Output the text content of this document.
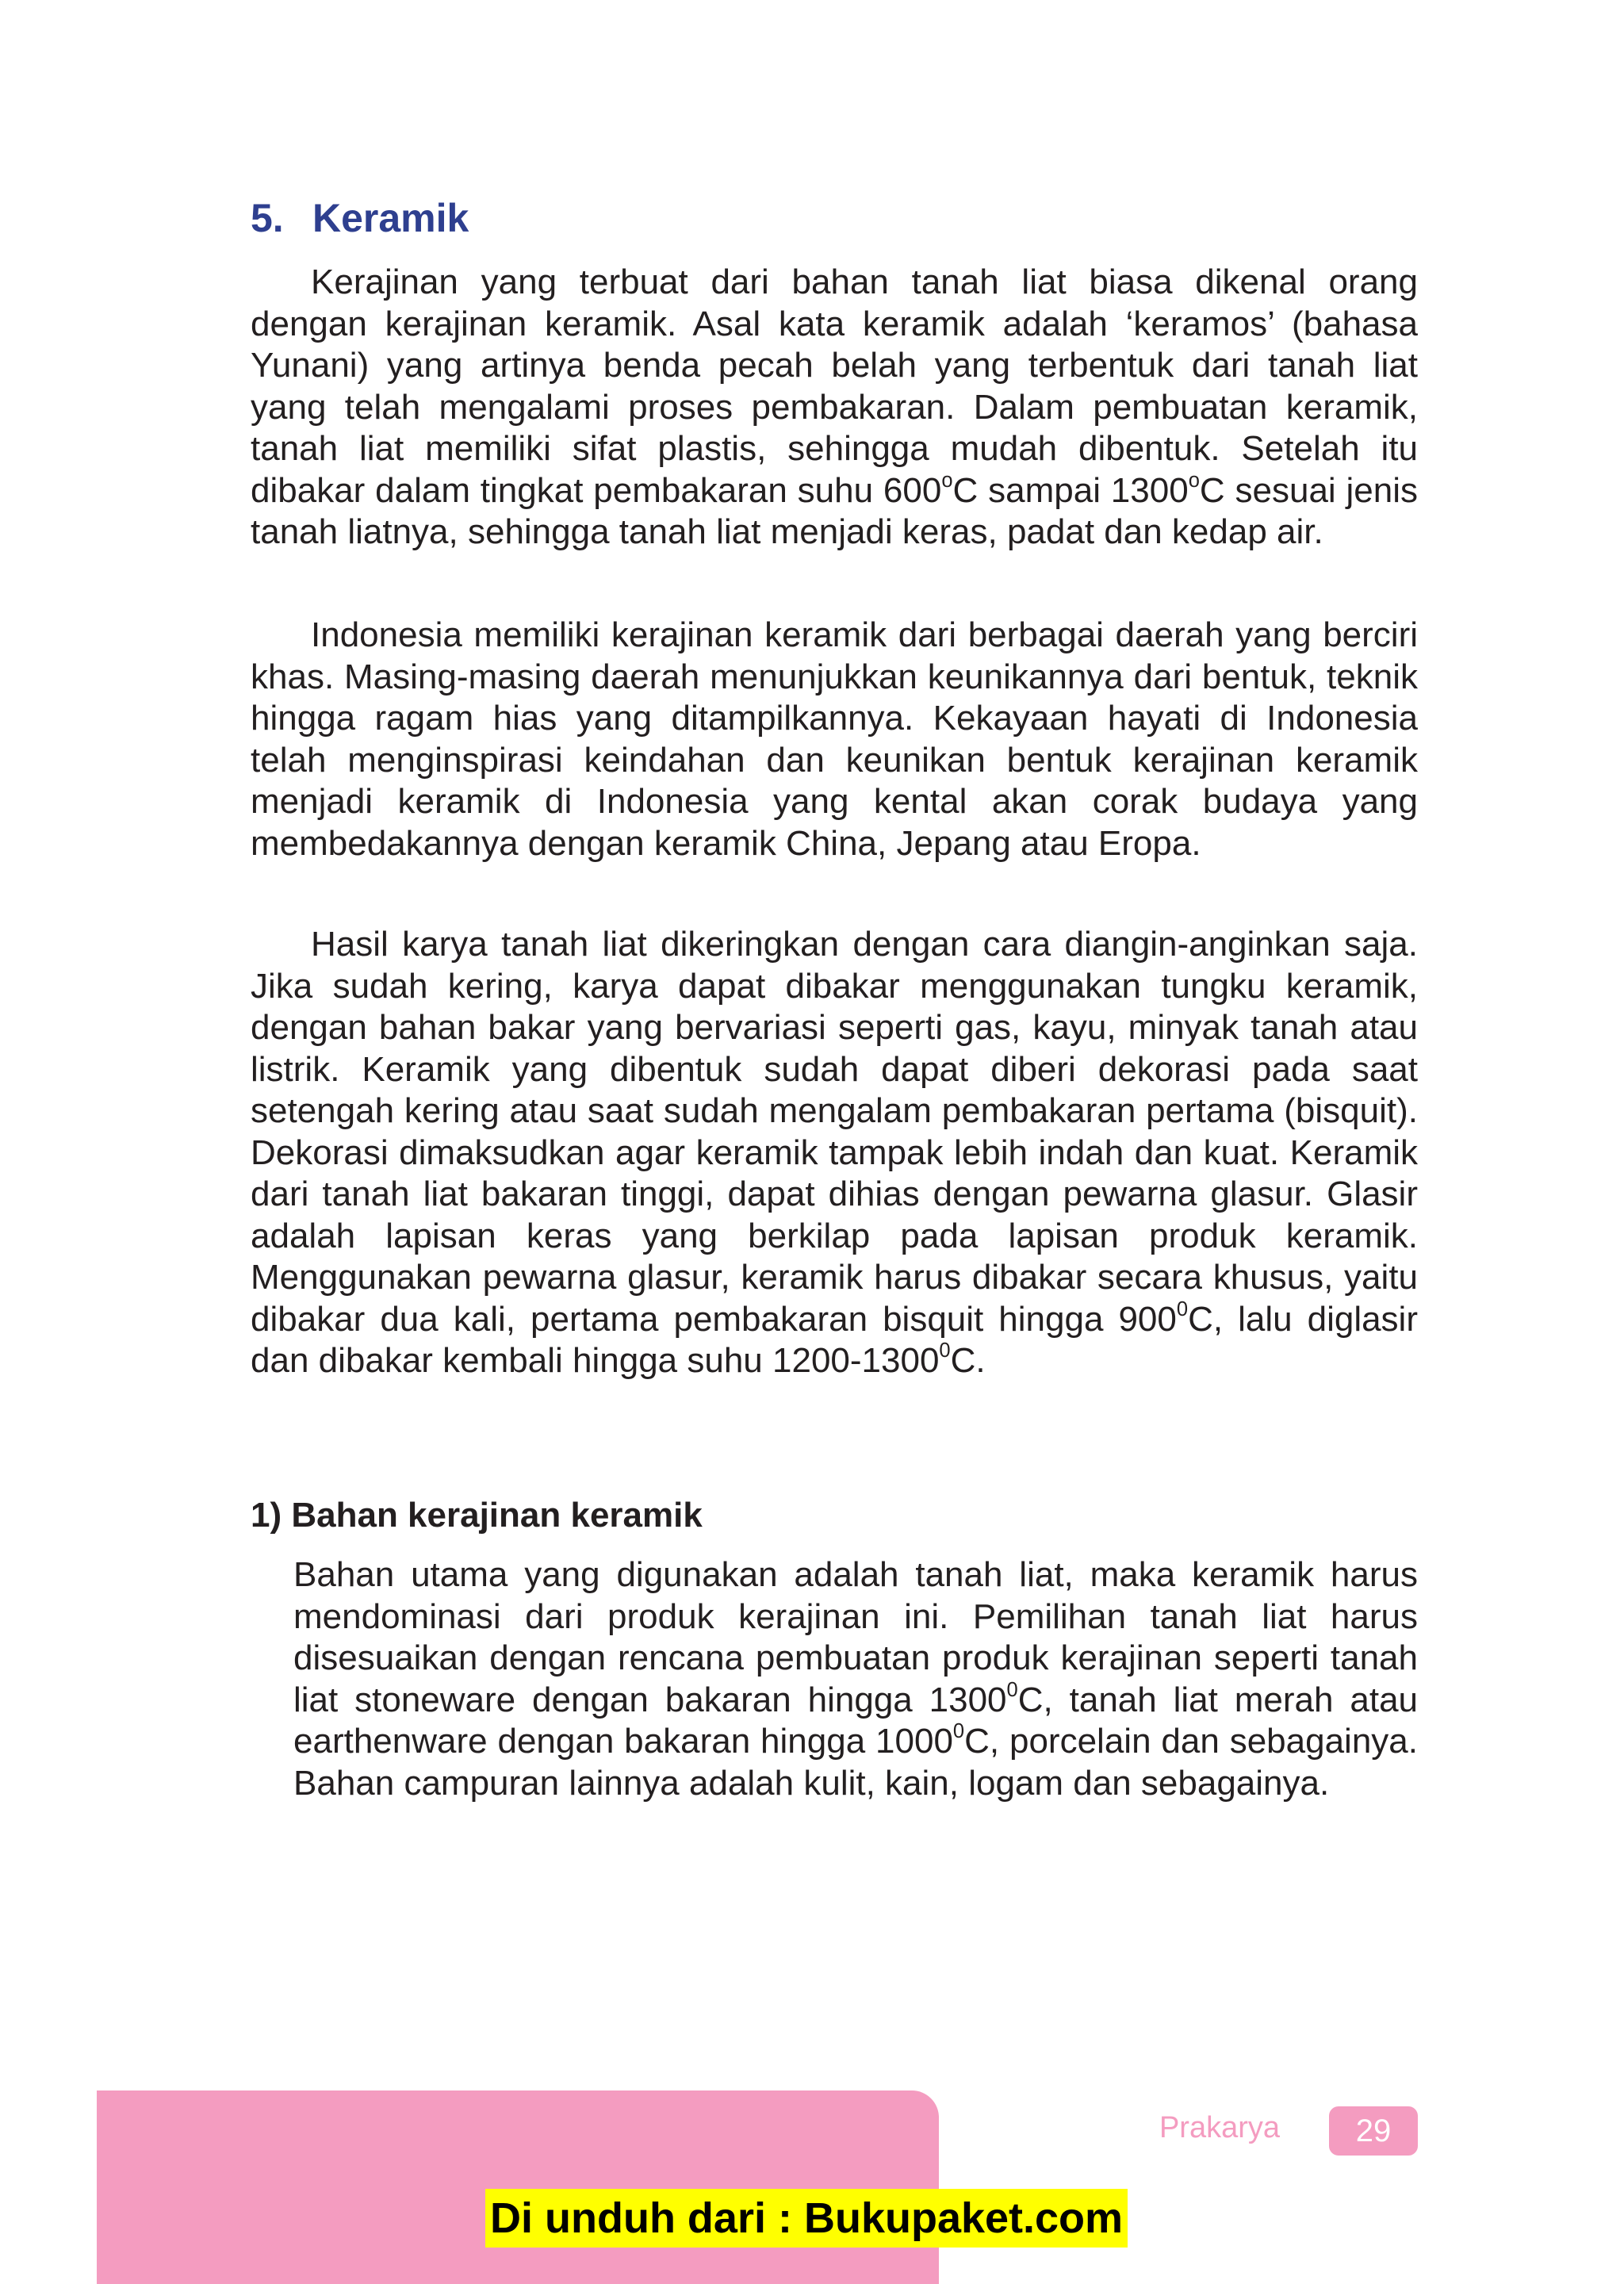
5. Keramik

Kerajinan yang terbuat dari bahan tanah liat biasa dikenal orang dengan kerajinan keramik. Asal kata keramik adalah ‘keramos’ (bahasa Yunani) yang artinya benda pecah belah yang terbentuk dari tanah liat yang telah mengalami proses pembakaran. Dalam pembuatan keramik, tanah liat memiliki sifat plastis, sehingga mudah dibentuk. Setelah itu dibakar dalam tingkat pembakaran suhu 600$^o$C sampai 1300$^o$C sesuai jenis tanah liatnya, sehingga tanah liat menjadi keras, padat dan kedap air.

Indonesia memiliki kerajinan keramik dari berbagai daerah yang berciri khas. Masing-masing daerah menunjukkan keunikannya dari bentuk, teknik hingga ragam hias yang ditampilkannya. Kekayaan hayati di Indonesia telah menginspirasi keindahan dan keunikan bentuk kerajinan keramik menjadi keramik di Indonesia yang kental akan corak budaya yang membedakannya dengan keramik China, Jepang atau Eropa.

Hasil karya tanah liat dikeringkan dengan cara diangin-anginkan saja. Jika sudah kering, karya dapat dibakar menggunakan tungku keramik, dengan bahan bakar yang bervariasi seperti gas, kayu, minyak tanah atau listrik. Keramik yang dibentuk sudah dapat diberi dekorasi pada saat setengah kering atau saat sudah mengalam pembakaran pertama (bisquit). Dekorasi dimaksudkan agar keramik tampak lebih indah dan kuat. Keramik dari tanah liat bakaran tinggi, dapat dihias dengan pewarna glasur. Glasir adalah lapisan keras yang berkilap pada lapisan produk keramik. Menggunakan pewarna glasur, keramik harus dibakar secara khusus, yaitu dibakar dua kali, pertama pembakaran bisquit hingga $900^0C$, lalu diglasir dan dibakar kembali hingga suhu 1200-1300$^0$C.

1) Bahan kerajinan keramik

Bahan utama yang digunakan adalah tanah liat, maka keramik harus mendominasi dari produk kerajinan ini. Pemilihan tanah liat harus disesuaikan dengan rencana pembuatan produk kerajinan seperti tanah liat stoneware dengan bakaran hingga 1300$^0$C, tanah liat merah atau earthenware dengan bakaran hingga 1000$^0$C, porcelain dan sebagainya. Bahan campuran lainnya adalah kulit, kain, logam dan sebagainya.

Prakarya	29
Di unduh dari : Bukupaket.com
